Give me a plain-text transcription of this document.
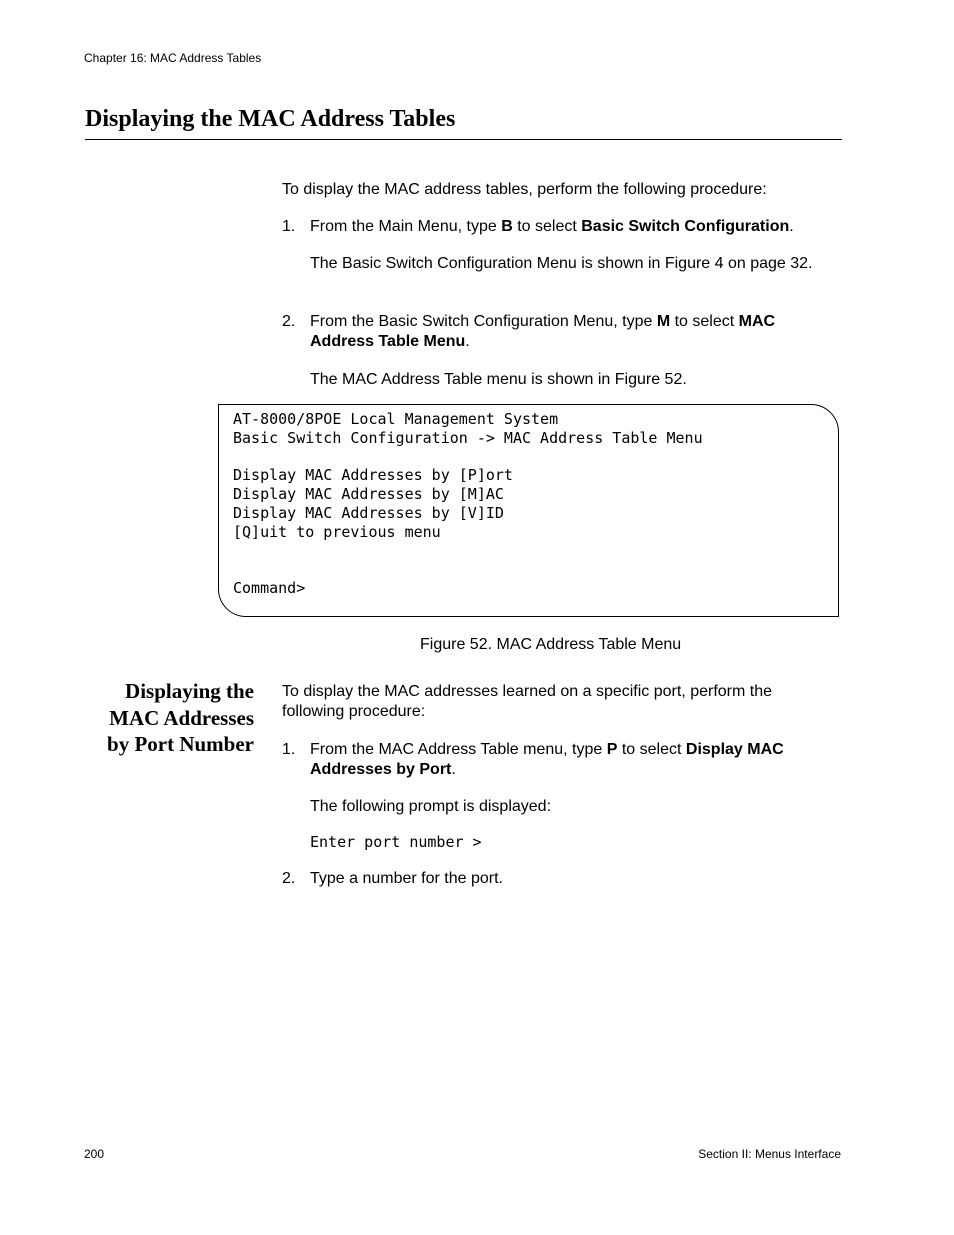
Chapter 16: MAC Address Tables
Displaying the MAC Address Tables
To display the MAC address tables, perform the following procedure:
1. From the Main Menu, type B to select Basic Switch Configuration.
The Basic Switch Configuration Menu is shown in Figure 4 on page 32.
2. From the Basic Switch Configuration Menu, type M to select MAC Address Table Menu.
The MAC Address Table menu is shown in Figure 52.
AT-8000/8POE Local Management System
Basic Switch Configuration -> MAC Address Table Menu

Display MAC Addresses by [P]ort
Display MAC Addresses by [M]AC
Display MAC Addresses by [V]ID
[Q]uit to previous menu

Command>
Figure 52. MAC Address Table Menu
Displaying the MAC Addresses by Port Number
To display the MAC addresses learned on a specific port, perform the following procedure:
1. From the MAC Address Table menu, type P to select Display MAC Addresses by Port.
The following prompt is displayed:
Enter port number >
2. Type a number for the port.
200	Section II: Menus Interface
